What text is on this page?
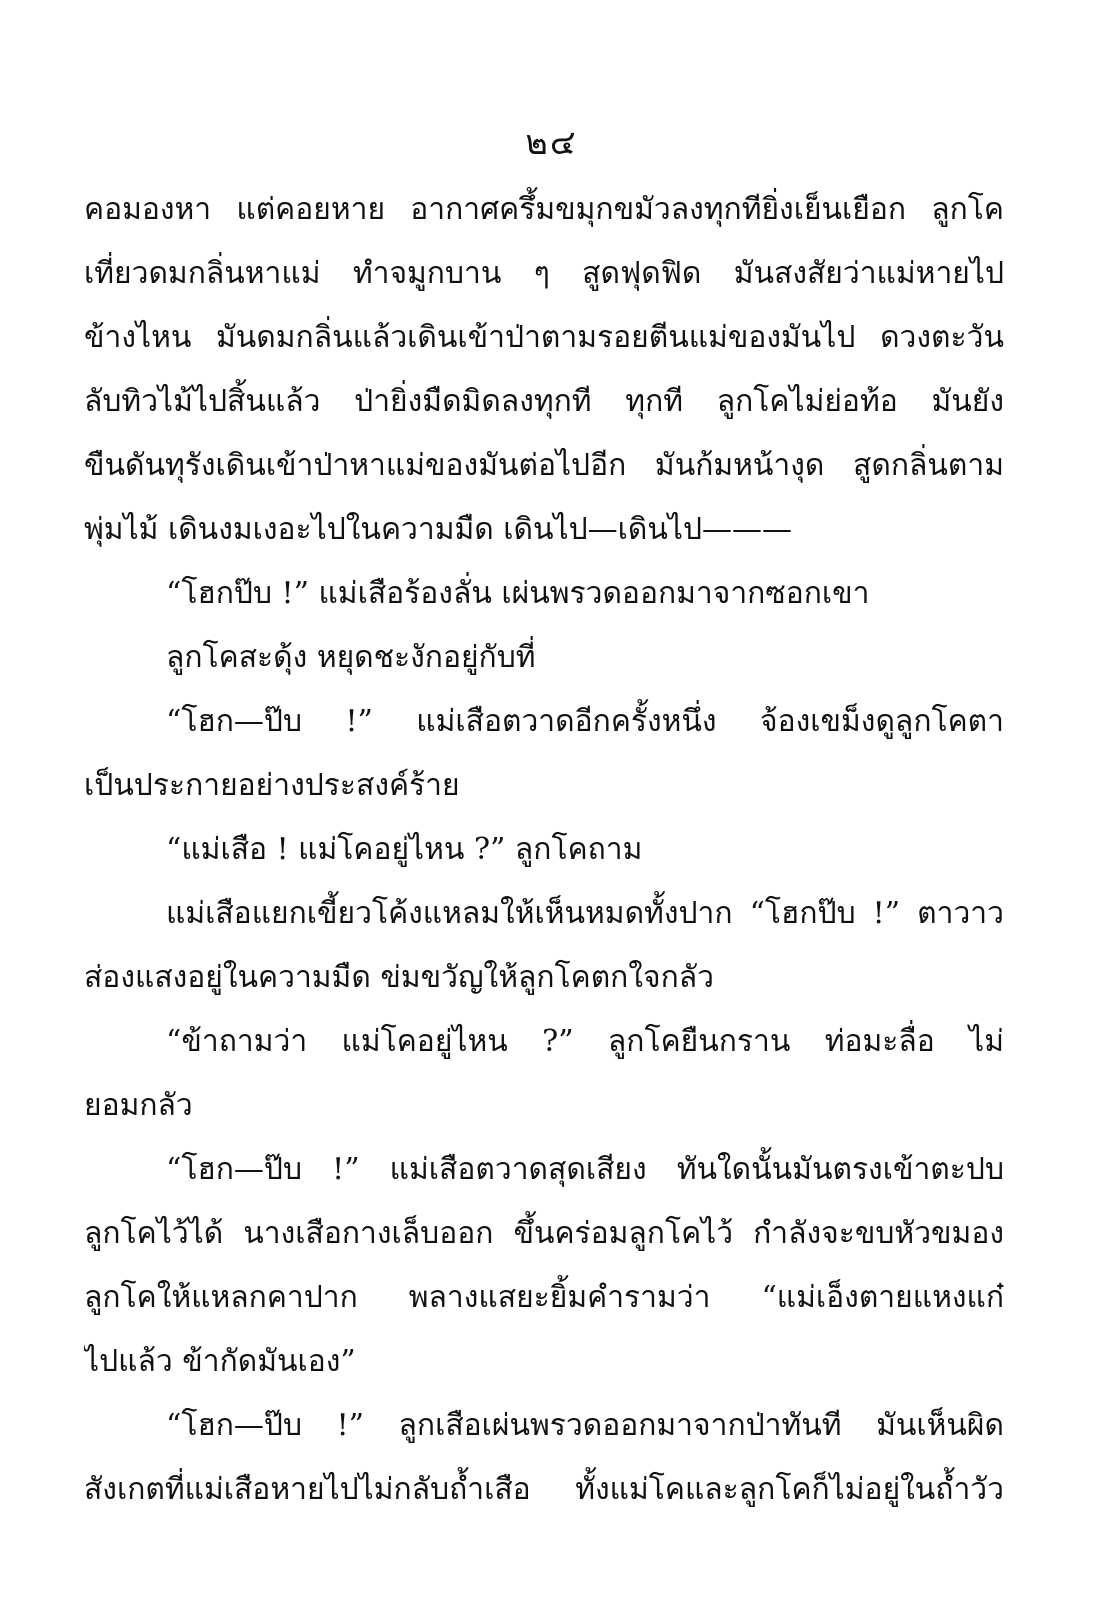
๒๔
คอมองหา แต่คอยหาย อากาศครึ้มขมุกขมัวลงทุกทียิ่งเย็นเยือก ลูกโค
เที่ยวดมกลิ่นหาแม่ ทำจมูกบาน ๆ สูดฟุดฟิด มันสงสัยว่าแม่หายไป
ข้างไหน มันดมกลิ่นแล้วเดินเข้าป่าตามรอยตีนแม่ของมันไป ดวงตะวัน
ลับทิวไม้ไปสิ้นแล้ว ป่ายิ่งมืดมิดลงทุกที ทุกที ลูกโคไม่ย่อท้อ มันยัง
ขืนดันทุรังเดินเข้าป่าหาแม่ของมันต่อไปอีก มันก้มหน้างุด สูดกลิ่นตาม
พุ่มไม้ เดินงมเงอะไปในความมืด เดินไป—เดินไป———
“โฮกป๊บ !” แม่เสือร้องลั่น เผ่นพรวดออกมาจากซอกเขา
ลูกโคสะดุ้ง หยุดชะงักอยู่กับที่
“โฮก—ป๊บ !” แม่เสือตวาดอีกครั้งหนึ่ง จ้องเขม็งดูลูกโคตา
เป็นประกายอย่างประสงค์ร้าย
“แม่เสือ ! แม่โคอยู่ไหน ?” ลูกโคถาม
แม่เสือแยกเขี้ยวโค้งแหลมให้เห็นหมดทั้งปาก “โฮกป๊บ !” ตาวาว
ส่องแสงอยู่ในความมืด ข่มขวัญให้ลูกโคตกใจกลัว
“ข้าถามว่า แม่โคอยู่ไหน ?” ลูกโคยืนกราน ท่อมะลื่อ ไม่
ยอมกลัว
“โฮก—ป๊บ !” แม่เสือตวาดสุดเสียง ทันใดนั้นมันตรงเข้าตะปบ
ลูกโคไว้ได้ นางเสือกางเล็บออก ขึ้นคร่อมลูกโคไว้ กำลังจะขบหัวขมอง
ลูกโคให้แหลกคาปาก พลางแสยะยิ้มคำรามว่า “แม่เอ็งตายแหงแก๋
ไปแล้ว ข้ากัดมันเอง”
“โฮก—ป๊บ !” ลูกเสือเผ่นพรวดออกมาจากป่าทันที มันเห็นผิด
สังเกตที่แม่เสือหายไปไม่กลับถ้ำเสือ ทั้งแม่โคและลูกโคก็ไม่อยู่ในถ้ำวัว
